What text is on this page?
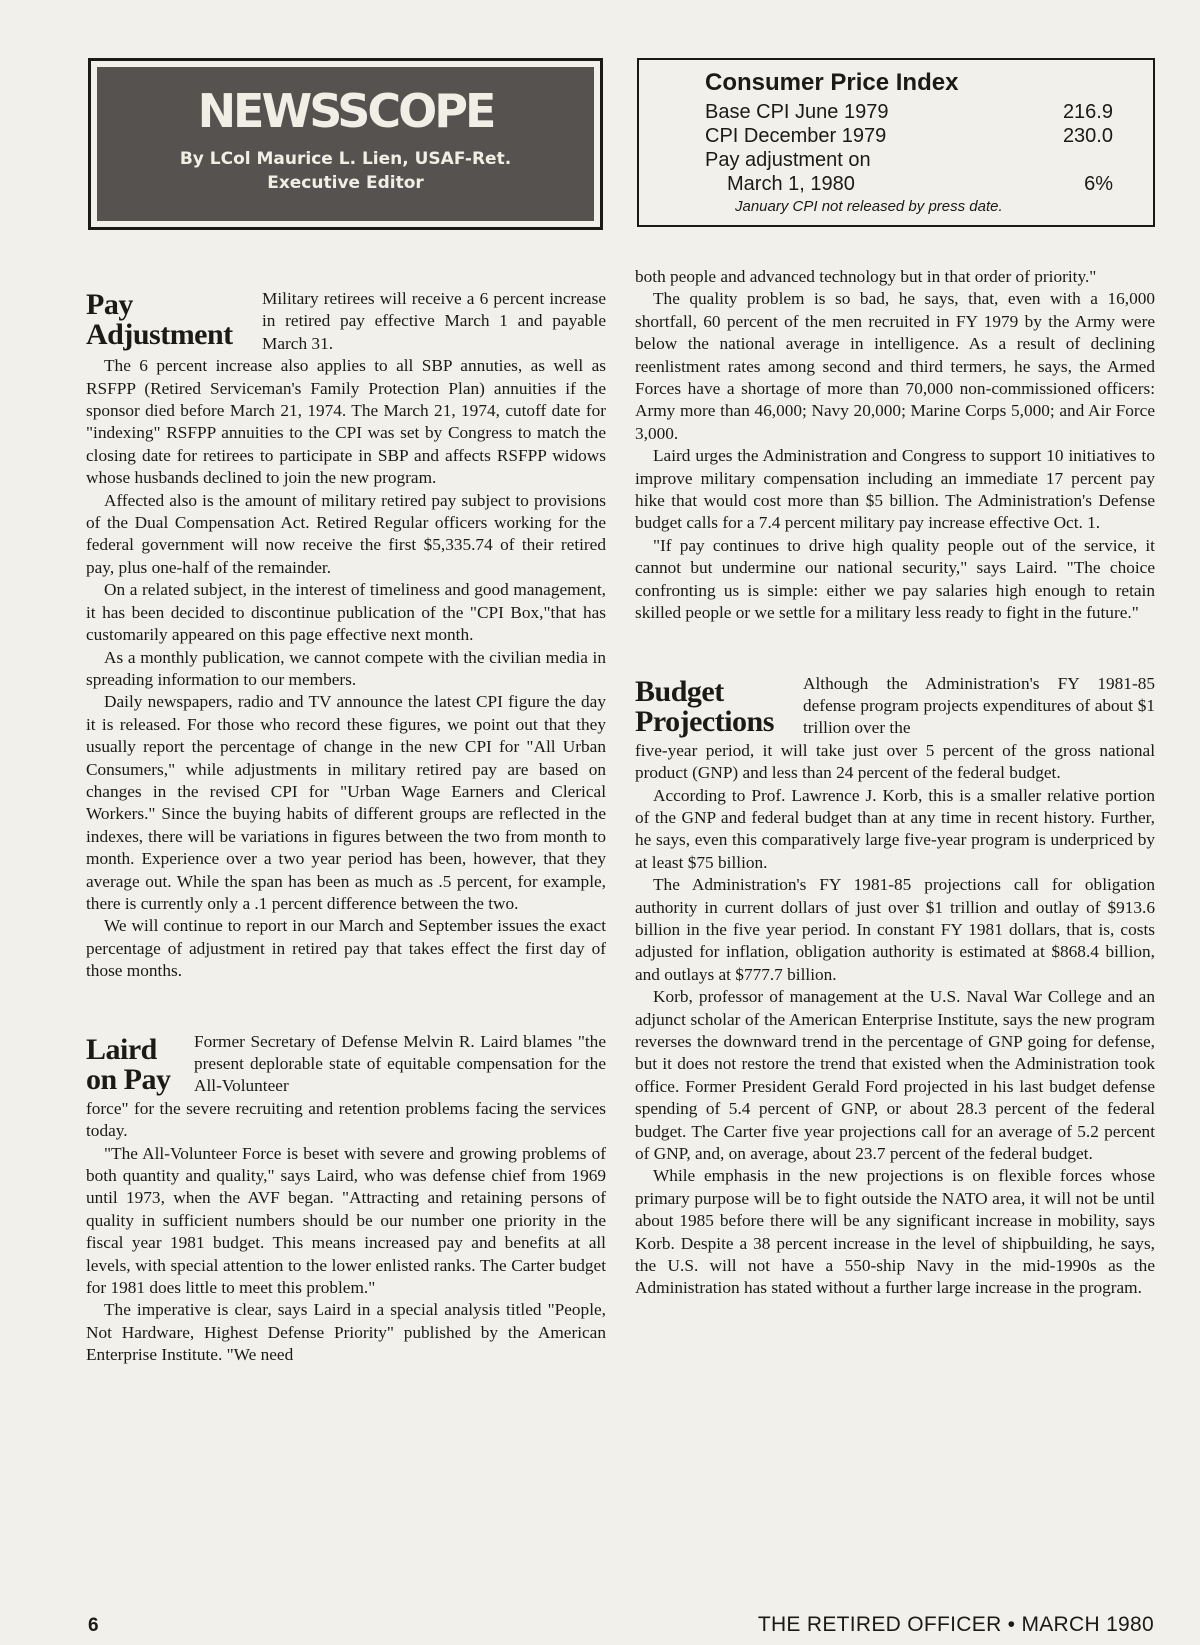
NEWSSCOPE
By LCol Maurice L. Lien, USAF-Ret.
Executive Editor
Consumer Price Index
Base CPI June 1979	216.9
CPI December 1979	230.0
Pay adjustment on
March 1, 1980	6%
January CPI not released by press date.
Pay
Adjustment
Military retirees will receive a 6 percent increase in retired pay effective March 1 and payable March 31.

The 6 percent increase also applies to all SBP annuties, as well as RSFPP (Retired Serviceman's Family Protection Plan) annuities if the sponsor died before March 21, 1974. The March 21, 1974, cutoff date for "indexing" RSFPP annuities to the CPI was set by Congress to match the closing date for retirees to participate in SBP and affects RSFPP widows whose husbands declined to join the new program.

Affected also is the amount of military retired pay subject to provisions of the Dual Compensation Act. Retired Regular officers working for the federal government will now receive the first $5,335.74 of their retired pay, plus one-half of the remainder.

On a related subject, in the interest of timeliness and good management, it has been decided to discontinue publication of the "CPI Box,"that has customarily appeared on this page effective next month.

As a monthly publication, we cannot compete with the civilian media in spreading information to our members.

Daily newspapers, radio and TV announce the latest CPI figure the day it is released. For those who record these figures, we point out that they usually report the percentage of change in the new CPI for "All Urban Consumers," while adjustments in military retired pay are based on changes in the revised CPI for "Urban Wage Earners and Clerical Workers." Since the buying habits of different groups are reflected in the indexes, there will be variations in figures between the two from month to month. Experience over a two year period has been, however, that they average out. While the span has been as much as .5 percent, for example, there is currently only a .1 percent difference between the two.

We will continue to report in our March and September issues the exact percentage of adjustment in retired pay that takes effect the first day of those months.

Laird
on Pay
Former Secretary of Defense Melvin R. Laird blames "the present deplorable state of equitable compensation for the All-Volunteer

force" for the severe recruiting and retention problems facing the services today.

"The All-Volunteer Force is beset with severe and growing problems of both quantity and quality," says Laird, who was defense chief from 1969 until 1973, when the AVF began. "Attracting and retaining persons of quality in sufficient numbers should be our number one priority in the fiscal year 1981 budget. This means increased pay and benefits at all levels, with special attention to the lower enlisted ranks. The Carter budget for 1981 does little to meet this problem."

The imperative is clear, says Laird in a special analysis titled "People, Not Hardware, Highest Defense Priority" published by the American Enterprise Institute. "We need

both people and advanced technology but in that order of priority."

The quality problem is so bad, he says, that, even with a 16,000 shortfall, 60 percent of the men recruited in FY 1979 by the Army were below the national average in intelligence. As a result of declining reenlistment rates among second and third termers, he says, the Armed Forces have a shortage of more than 70,000 non-commissioned officers: Army more than 46,000; Navy 20,000; Marine Corps 5,000; and Air Force 3,000.

Laird urges the Administration and Congress to support 10 initiatives to improve military compensation including an immediate 17 percent pay hike that would cost more than $5 billion. The Administration's Defense budget calls for a 7.4 percent military pay increase effective Oct. 1.

"If pay continues to drive high quality people out of the service, it cannot but undermine our national security," says Laird. "The choice confronting us is simple: either we pay salaries high enough to retain skilled people or we settle for a military less ready to fight in the future."

Budget
Projections
Although the Administration's FY 1981-85 defense program projects expenditures of about $1 trillion over the

five-year period, it will take just over 5 percent of the gross national product (GNP) and less than 24 percent of the federal budget.

According to Prof. Lawrence J. Korb, this is a smaller relative portion of the GNP and federal budget than at any time in recent history. Further, he says, even this comparatively large five-year program is underpriced by at least $75 billion.

The Administration's FY 1981-85 projections call for obligation authority in current dollars of just over $1 trillion and outlay of $913.6 billion in the five year period. In constant FY 1981 dollars, that is, costs adjusted for inflation, obligation authority is estimated at $868.4 billion, and outlays at $777.7 billion.

Korb, professor of management at the U.S. Naval War College and an adjunct scholar of the American Enterprise Institute, says the new program reverses the downward trend in the percentage of GNP going for defense, but it does not restore the trend that existed when the Administration took office. Former President Gerald Ford projected in his last budget defense spending of 5.4 percent of GNP, or about 28.3 percent of the federal budget. The Carter five year projections call for an average of 5.2 percent of GNP, and, on average, about 23.7 percent of the federal budget.

While emphasis in the new projections is on flexible forces whose primary purpose will be to fight outside the NATO area, it will not be until about 1985 before there will be any significant increase in mobility, says Korb. Despite a 38 percent increase in the level of shipbuilding, he says, the U.S. will not have a 550-ship Navy in the mid-1990s as the Administration has stated without a further large increase in the program.

6	THE RETIRED OFFICER • MARCH 1980
